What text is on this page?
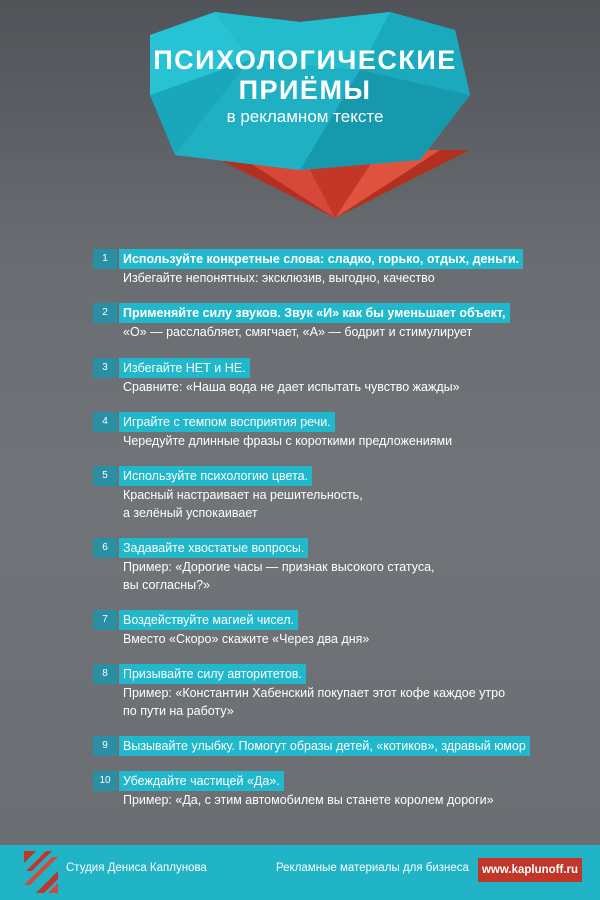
ПСИХОЛОГИЧЕСКИЕ
ПРИЁМЫ
в рекламном тексте
1	Используйте конкретные слова: сладко, горько, отдых, деньги.
Избегайте непонятных: эксклюзив, выгодно, качество
2	Применяйте силу звуков. Звук «И» как бы уменьшает объект,
«О» — расслабляет, смягчает, «А» — бодрит и стимулирует
3	Избегайте НЕТ и НЕ.
Сравните: «Наша вода не дает испытать чувство жажды»
4	Играйте с темпом восприятия речи.
Чередуйте длинные фразы с короткими предложениями
5	Используйте психологию цвета.
Красный настраивает на решительность,
а зелёный успокаивает
6	Задавайте хвостатые вопросы.
Пример: «Дорогие часы — признак высокого статуса,
вы согласны?»
7	Воздействуйте магией чисел.
Вместо «Скоро» скажите «Через два дня»
8	Призывайте силу авторитетов.
Пример: «Константин Хабенский покупает этот кофе каждое утро
по пути на работу»
9	Вызывайте улыбку. Помогут образы детей, «котиков», здравый юмор
10 Убеждайте частицей «Да».
Пример: «Да, с этим автомобилем вы станете королем дороги»
Студия Дениса Каплунова	Рекламные материалы для бизнеса	www.kaplunoff.ru
